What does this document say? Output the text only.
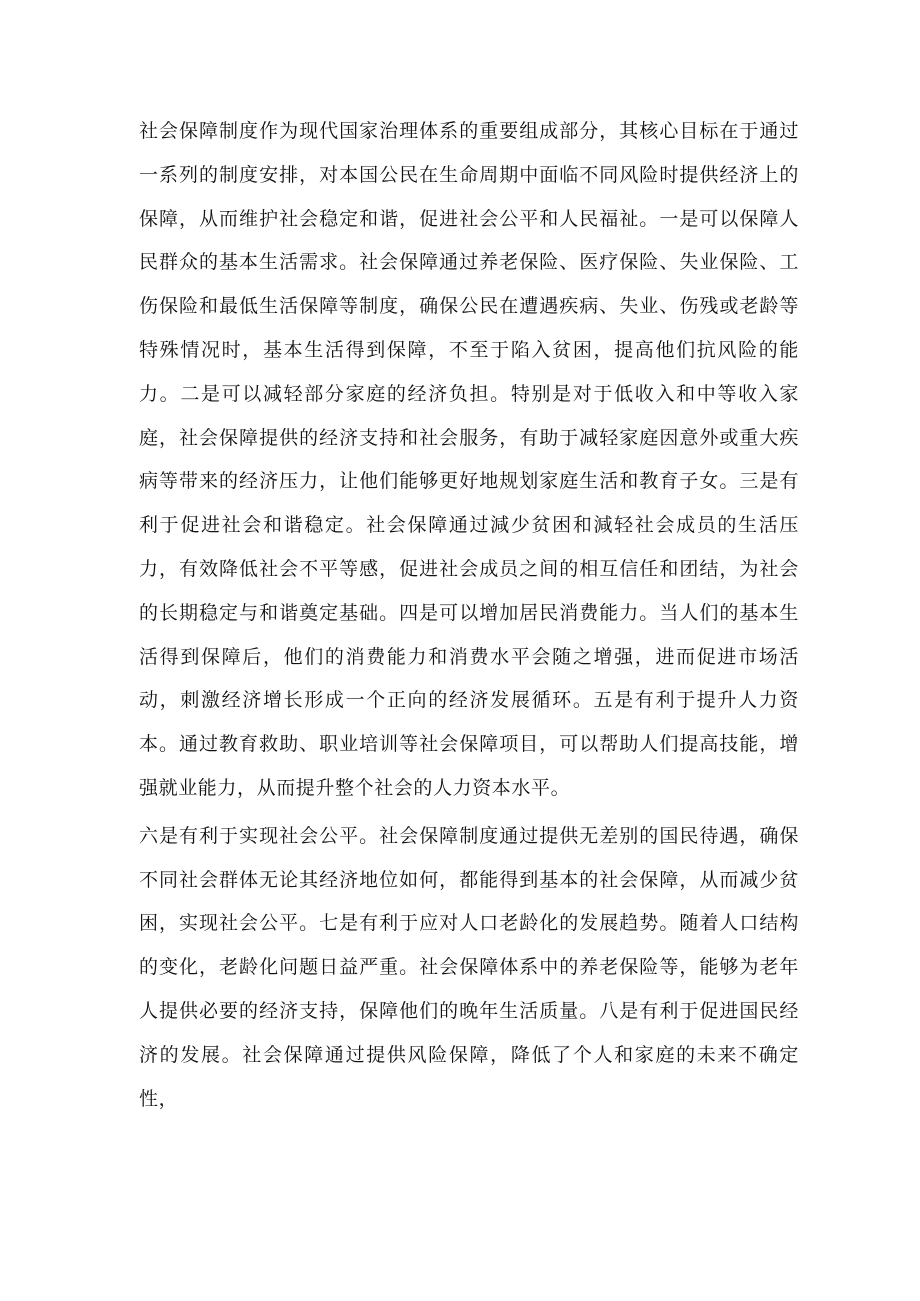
社会保障制度作为现代国家治理体系的重要组成部分，其核心目标在于通过一系列的制度安排，对本国公民在生命周期中面临不同风险时提供经济上的保障，从而维护社会稳定和谐，促进社会公平和人民福祉。一是可以保障人民群众的基本生活需求。社会保障通过养老保险、医疗保险、失业保险、工伤保险和最低生活保障等制度，确保公民在遭遇疾病、失业、伤残或老龄等特殊情况时，基本生活得到保障，不至于陷入贫困，提高他们抗风险的能力。二是可以减轻部分家庭的经济负担。特别是对于低收入和中等收入家庭，社会保障提供的经济支持和社会服务，有助于减轻家庭因意外或重大疾病等带来的经济压力，让他们能够更好地规划家庭生活和教育子女。三是有利于促进社会和谐稳定。社会保障通过減少贫困和減轻社会成员的生活压力，有效降低社会不平等感，促进社会成员之间的相互信任和团结，为社会的长期稳定与和谐奠定基础。四是可以增加居民消费能力。当人们的基本生活得到保障后，他们的消费能力和消费水平会随之增强，进而促进市场活动，刺激经济增长形成一个正向的经济发展循环。五是有利于提升人力资本。通过教育救助、职业培训等社会保障项目，可以帮助人们提高技能，增强就业能力，从而提升整个社会的人力资本水平。

六是有利于实现社会公平。社会保障制度通过提供无差别的国民待遇，确保不同社会群体无论其经济地位如何，都能得到基本的社会保障，从而减少贫困，实现社会公平。七是有利于应对人口老龄化的发展趋势。随着人口结构的变化，老龄化问题日益严重。社会保障体系中的养老保险等，能够为老年人提供必要的经济支持，保障他们的晚年生活质量。八是有利于促进国民经济的发展。社会保障通过提供风险保障，降低了个人和家庭的未来不确定性，
